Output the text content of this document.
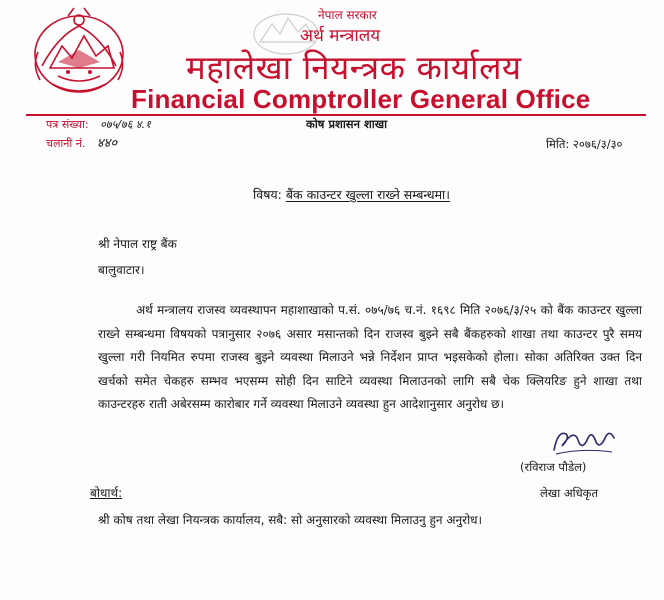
नेपाल सरकार
अर्थ मन्त्रालय
महालेखा नियन्त्रक कार्यालय
Financial Comptroller General Office
पत्र संख्या: ०७५/७६ ४.१
चलानी नं. ४४०
कोष प्रशासन शाखा
मिति: २०७६/३/३०
विषय: बैंक काउन्टर खुल्ला राख्ने सम्बन्धमा।
श्री नेपाल राष्ट्र बैंक
बालुवाटार।
अर्थ मन्त्रालय राजस्व व्यवस्थापन महाशाखाको प.सं. ०७५/७६ च.नं. १६९८ मिति २०७६/३/२५ को बैंक काउन्टर खुल्ला राख्ने सम्बन्धमा विषयको पत्रानुसार २०७६ असार मसान्तको दिन राजस्व बुझ्ने सबै बैंकहरुको शाखा तथा काउन्टर पुरै समय खुल्ला गरी नियमित रुपमा राजस्व बुझ्ने व्यवस्था मिलाउने भन्ने निर्देशन प्राप्त भइसकेको होला। सोका अतिरिक्त उक्त दिन खर्चको समेत चेकहरु सम्भव भएसम्म सोही दिन साटिने व्यवस्था मिलाउनको लागि सबै चेक क्लियरिङ हुने शाखा तथा काउन्टरहरु राती अबेरसम्म कारोबार गर्ने व्यवस्था मिलाउने व्यवस्था हुन आदेशानुसार अनुरोध छ।
(रविराज पौडेल)
लेखा अधिकृत
बोधार्थ:
श्री कोष तथा लेखा नियन्त्रक कार्यालय, सबै: सो अनुसारको व्यवस्था मिलाउनु हुन अनुरोध।
